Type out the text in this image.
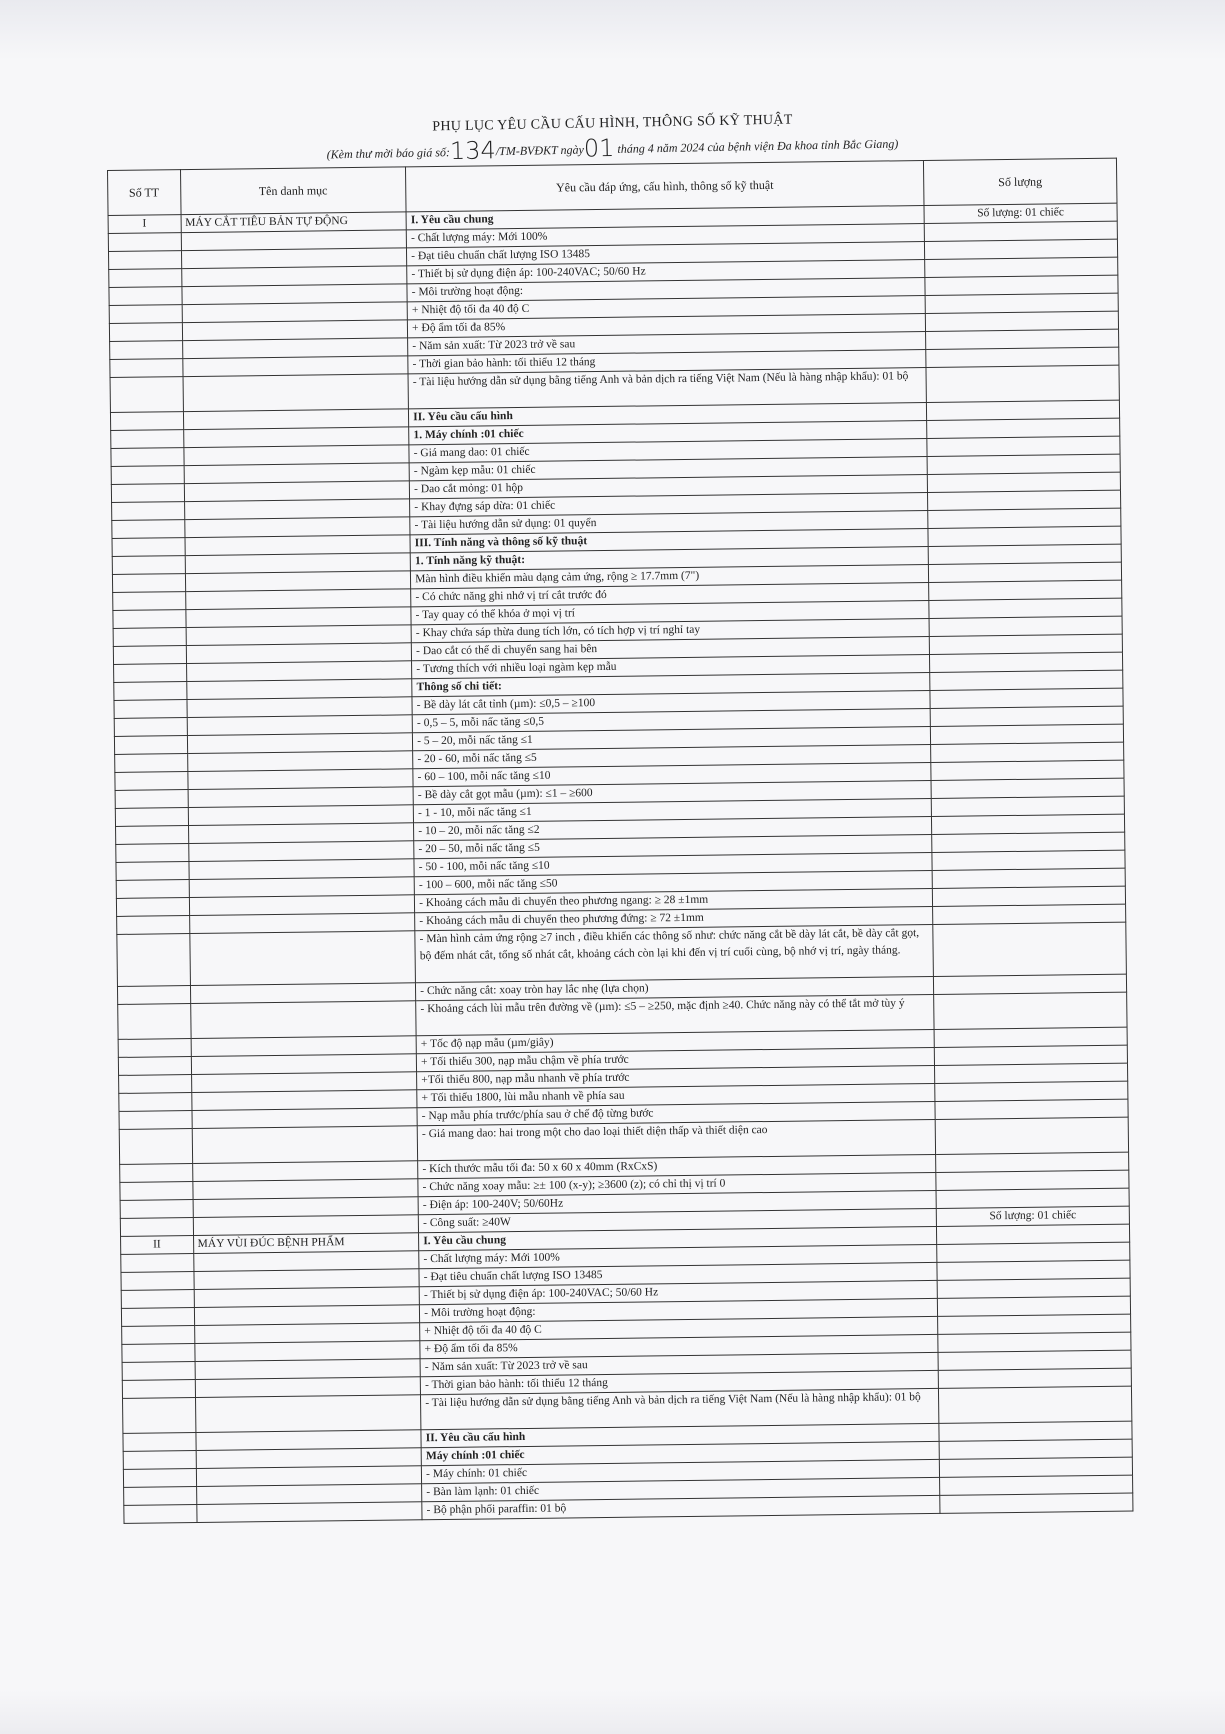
PHỤ LỤC YÊU CẦU CẤU HÌNH, THÔNG SỐ KỸ THUẬT
(Kèm thư mời báo giá số:134/TM-BVĐKT ngày01 tháng 4 năm 2024 của bệnh viện Đa khoa tỉnh Bắc Giang)
Số TT	Tên danh mục	Yêu cầu đáp ứng, cấu hình, thông số kỹ thuật	Số lượng
I	MÁY CẮT TIÊU BẢN TỰ ĐỘNG	I. Yêu cầu chung	Số lượng: 01 chiếc
		- Chất lượng máy: Mới 100%	
		- Đạt tiêu chuẩn chất lượng ISO 13485	
		- Thiết bị sử dụng điện áp: 100-240VAC; 50/60 Hz	
		- Môi trường hoạt động:	
		+ Nhiệt độ tối đa 40 độ C	
		+ Độ ẩm tối đa 85%	
		- Năm sản xuất: Từ 2023 trở về sau	
		- Thời gian bảo hành: tối thiểu 12 tháng	
		- Tài liệu hướng dẫn sử dụng bằng tiếng Anh và bản dịch ra tiếng Việt Nam (Nếu là hàng nhập khẩu): 01 bộ	
		II. Yêu cầu cấu hình	
		1. Máy chính :01 chiếc	
		- Giá mang dao: 01 chiếc	
		- Ngàm kẹp mẫu: 01 chiếc	
		- Dao cắt mỏng: 01 hộp	
		- Khay đựng sáp dừa: 01 chiếc	
		- Tài liệu hướng dẫn sử dụng: 01 quyển	
		III. Tính năng và thông số kỹ thuật	
		1. Tính năng kỹ thuật:	
		Màn hình điều khiển màu dạng cảm ứng, rộng ≥ 17.7mm (7")	
		- Có chức năng ghi nhớ vị trí cắt trước đó	
		- Tay quay có thể khóa ở mọi vị trí	
		- Khay chứa sáp thừa dung tích lớn, có tích hợp vị trí nghỉ tay	
		- Dao cắt có thể di chuyển sang hai bên	
		- Tương thích với nhiều loại ngàm kẹp mẫu	
		Thông số chi tiết:	
		- Bề dày lát cắt tỉnh (µm): ≤0,5 – ≥100	
		- 0,5 – 5, mỗi nấc tăng ≤0,5	
		- 5 – 20, mỗi nấc tăng ≤1	
		- 20 - 60, mỗi nấc tăng ≤5	
		- 60 – 100, mỗi nấc tăng ≤10	
		- Bề dày cắt gọt mẫu (µm): ≤1 – ≥600	
		- 1 - 10, mỗi nấc tăng ≤1	
		- 10 – 20, mỗi nấc tăng ≤2	
		- 20 – 50, mỗi nấc tăng ≤5	
		- 50 - 100, mỗi nấc tăng ≤10	
		- 100 – 600, mỗi nấc tăng ≤50	
		- Khoảng cách mẫu di chuyển theo phương ngang: ≥ 28 ±1mm	
		- Khoảng cách mẫu di chuyển theo phương đứng: ≥ 72 ±1mm	
		- Màn hình cảm ứng rộng ≥7 inch , điều khiển các thông số như: chức năng cắt bề dày lát cắt, bề dày cắt gọt, bộ đếm nhát cắt, tổng số nhát cắt, khoảng cách còn lại khi đến vị trí cuối cùng, bộ nhớ vị trí, ngày tháng.	
		- Chức năng cắt: xoay tròn hay lắc nhẹ (lựa chọn)	
		- Khoảng cách lùi mẫu trên đường về (µm): ≤5 – ≥250, mặc định ≥40. Chức năng này có thể tắt mở tùy ý	
		+ Tốc độ nạp mẫu (µm/giây)	
		+ Tối thiểu 300, nạp mẫu chậm về phía trước	
		+Tối thiểu 800, nạp mẫu nhanh về phía trước	
		+ Tối thiểu 1800, lùi mẫu nhanh về phía sau	
		- Nạp mẫu phía trước/phía sau ở chế độ từng bước	
		- Giá mang dao: hai trong một cho dao loại thiết diện thấp và thiết diện cao	
		- Kích thước mẫu tối đa: 50 x 60 x 40mm (RxCxS)	
		- Chức năng xoay mẫu: ≥± 100 (x-y); ≥3600 (z); có chỉ thị vị trí 0	
		- Điện áp: 100-240V; 50/60Hz	
		- Công suất: ≥40W	Số lượng: 01 chiếc
II	MÁY VÙI ĐÚC BỆNH PHẨM	I. Yêu cầu chung	
		- Chất lượng máy: Mới 100%	
		- Đạt tiêu chuẩn chất lượng ISO 13485	
		- Thiết bị sử dụng điện áp: 100-240VAC; 50/60 Hz	
		- Môi trường hoạt động:	
		+ Nhiệt độ tối đa 40 độ C	
		+ Độ ẩm tối đa 85%	
		- Năm sản xuất: Từ 2023 trở về sau	
		- Thời gian bảo hành: tối thiểu 12 tháng	
		- Tài liệu hướng dẫn sử dụng bằng tiếng Anh và bản dịch ra tiếng Việt Nam (Nếu là hàng nhập khẩu): 01 bộ	
		II. Yêu cầu cấu hình	
		Máy chính :01 chiếc	
		- Máy chính: 01 chiếc	
		- Bàn làm lạnh: 01 chiếc	
		- Bộ phận phối paraffin: 01 bộ	
